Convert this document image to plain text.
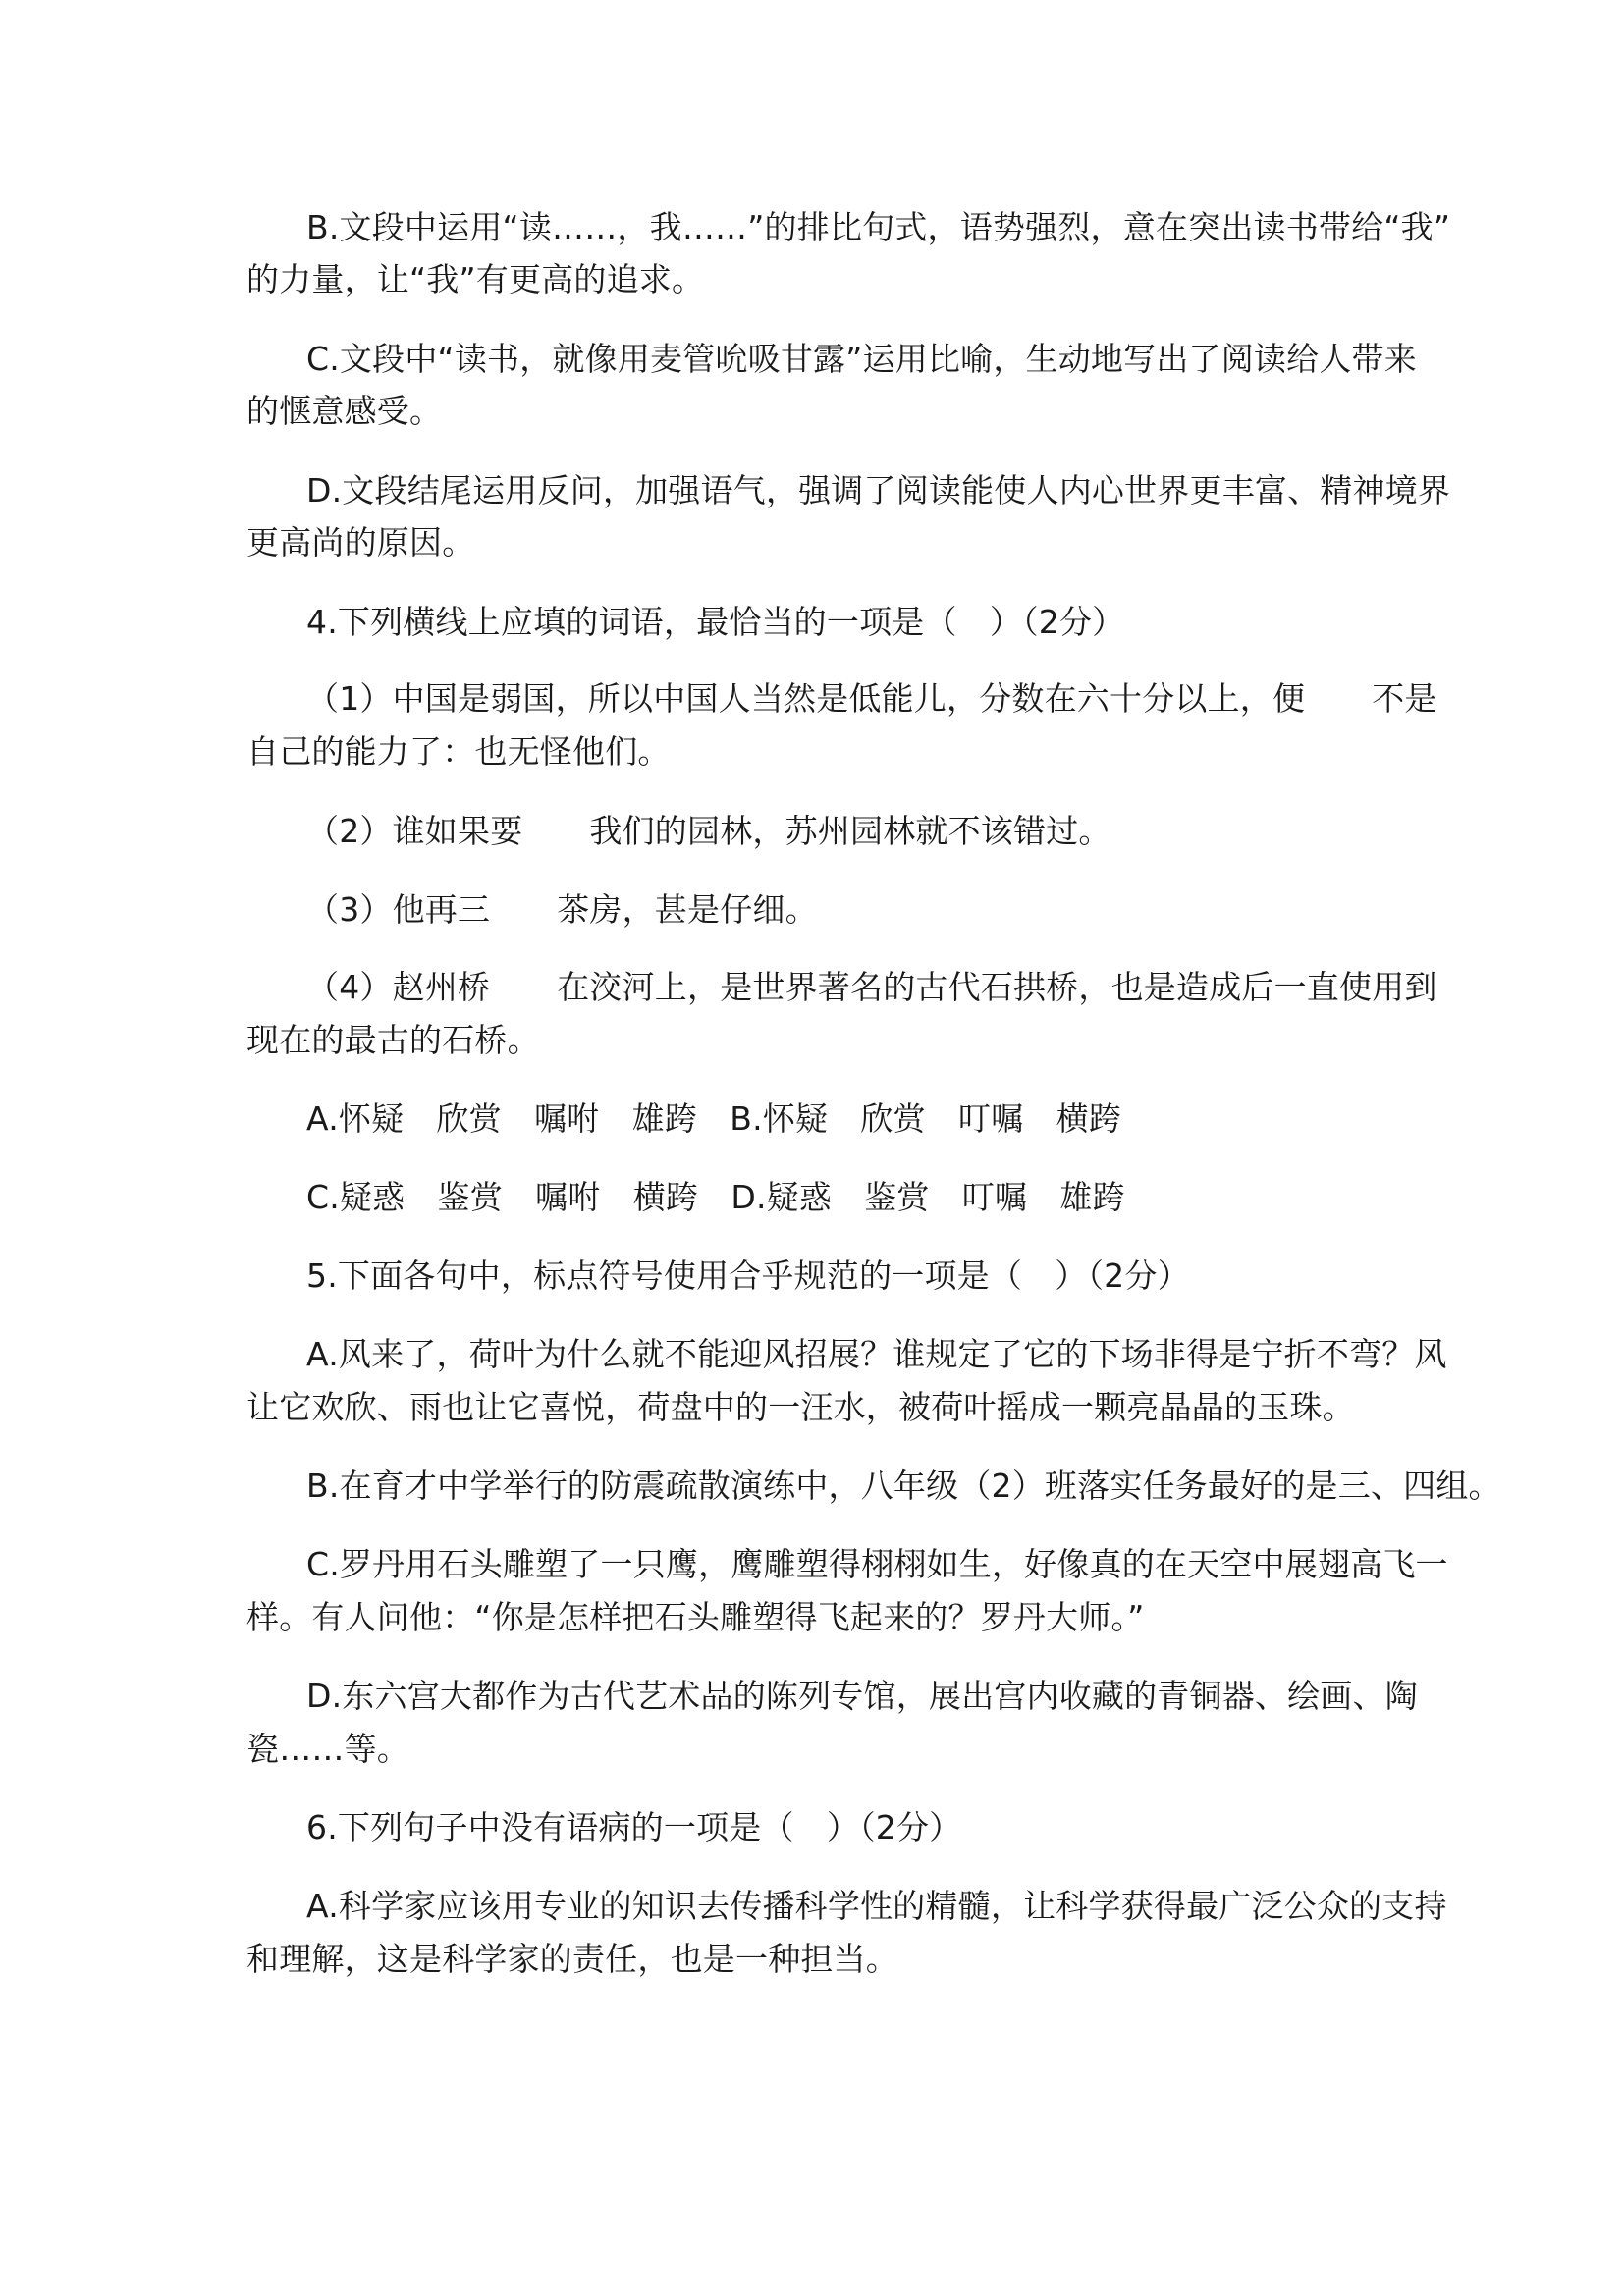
B.文段中运用“读……，我……”的排比句式，语势强烈，意在突出读书带给“我”
的力量，让“我”有更高的追求。
C.文段中“读书，就像用麦管吮吸甘露”运用比喻，生动地写出了阅读给人带来
的惬意感受。
D.文段结尾运用反问，加强语气，强调了阅读能使人内心世界更丰富、精神境界
更高尚的原因。
4.下列横线上应填的词语，最恰当的一项是（　）（2分）
（1）中国是弱国，所以中国人当然是低能儿，分数在六十分以上，便 不是
自己的能力了：也无怪他们。
（2）谁如果要 我们的园林，苏州园林就不该错过。
（3）他再三 茶房，甚是仔细。
（4）赵州桥 在洨河上，是世界著名的古代石拱桥，也是造成后一直使用到
现在的最古的石桥。
A.怀疑　欣赏　嘱咐　雄跨　B.怀疑　欣赏　叮嘱　横跨
C.疑惑　鉴赏　嘱咐　横跨　D.疑惑　鉴赏　叮嘱　雄跨
5.下面各句中，标点符号使用合乎规范的一项是（　）（2分）
A.风来了，荷叶为什么就不能迎风招展？谁规定了它的下场非得是宁折不弯？风
让它欢欣、雨也让它喜悦，荷盘中的一汪水，被荷叶摇成一颗亮晶晶的玉珠。
B.在育才中学举行的防震疏散演练中，八年级（2）班落实任务最好的是三、四组。
C.罗丹用石头雕塑了一只鹰，鹰雕塑得栩栩如生，好像真的在天空中展翅高飞一
样。有人问他：“你是怎样把石头雕塑得飞起来的？罗丹大师。”
D.东六宫大都作为古代艺术品的陈列专馆，展出宫内收藏的青铜器、绘画、陶
瓷……等。
6.下列句子中没有语病的一项是（　）（2分）
A.科学家应该用专业的知识去传播科学性的精髓，让科学获得最广泛公众的支持
和理解，这是科学家的责任，也是一种担当。
